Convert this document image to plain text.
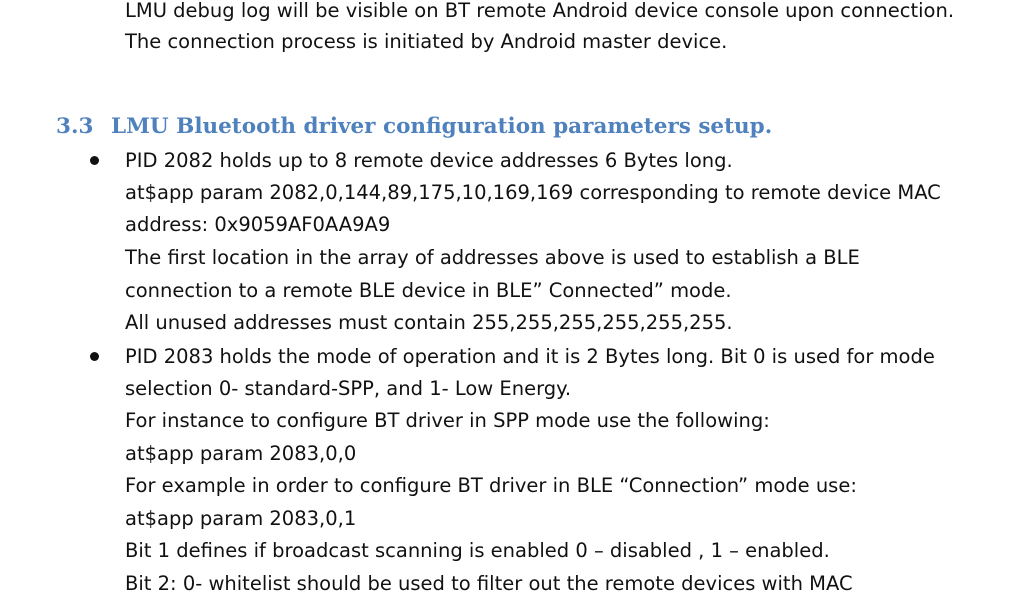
LMU debug log will be visible on BT remote Android device console upon connection.
The connection process is initiated by Android master device.
3.3 LMU Bluetooth driver configuration parameters setup.
PID 2082 holds up to 8 remote device addresses 6 Bytes long.
at$app param 2082,0,144,89,175,10,169,169 corresponding to remote device MAC
address: 0x9059AF0AA9A9
The first location in the array of addresses above is used to establish a BLE
connection to a remote BLE device in BLE” Connected” mode.
All unused addresses must contain 255,255,255,255,255,255.
PID 2083 holds the mode of operation and it is 2 Bytes long. Bit 0 is used for mode
selection 0- standard-SPP, and 1- Low Energy.
For instance to configure BT driver in SPP mode use the following:
at$app param 2083,0,0
For example in order to configure BT driver in BLE “Connection” mode use:
at$app param 2083,0,1
Bit 1 defines if broadcast scanning is enabled 0 – disabled , 1 – enabled.
Bit 2: 0- whitelist should be used to filter out the remote devices with MAC
